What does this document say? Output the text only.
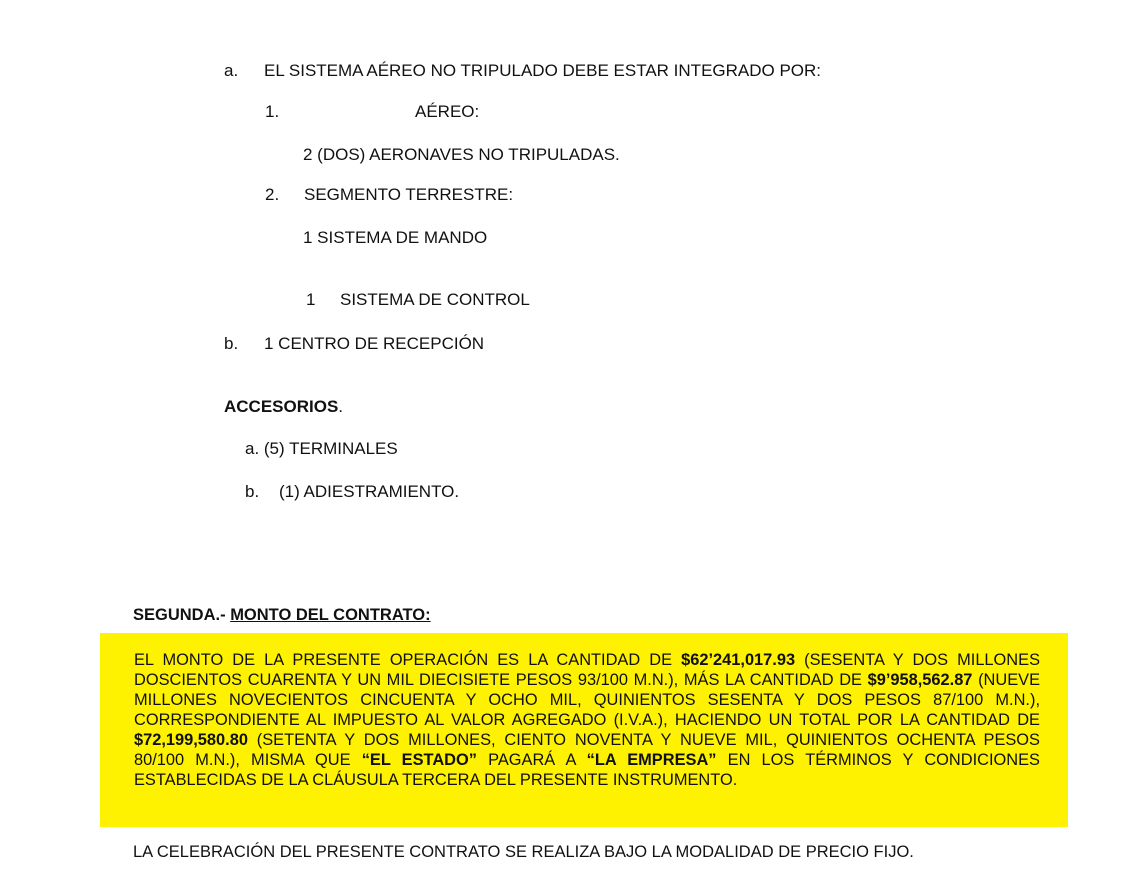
a. EL SISTEMA AÉREO NO TRIPULADO DEBE ESTAR INTEGRADO POR:
1.	AÉREO:
2 (DOS) AERONAVES NO TRIPULADAS.
2. SEGMENTO TERRESTRE:
1 SISTEMA DE MANDO
1 SISTEMA DE CONTROL
b. 1 CENTRO DE RECEPCIÓN
ACCESORIOS.
a. (5) TERMINALES
b. (1) ADIESTRAMIENTO.
SEGUNDA.- MONTO DEL CONTRATO:
EL MONTO DE LA PRESENTE OPERACIÓN ES LA CANTIDAD DE $62’241,017.93 (SESENTA Y DOS MILLONES DOSCIENTOS CUARENTA Y UN MIL DIECISIETE PESOS 93/100 M.N.), MÁS LA CANTIDAD DE $9’958,562.87 (NUEVE MILLONES NOVECIENTOS CINCUENTA Y OCHO MIL, QUINIENTOS SESENTA Y DOS PESOS 87/100 M.N.), CORRESPONDIENTE AL IMPUESTO AL VALOR AGREGADO (I.V.A.), HACIENDO UN TOTAL POR LA CANTIDAD DE $72,199,580.80 (SETENTA Y DOS MILLONES, CIENTO NOVENTA Y NUEVE MIL, QUINIENTOS OCHENTA PESOS 80/100 M.N.), MISMA QUE “EL ESTADO” PAGARÁ A “LA EMPRESA” EN LOS TÉRMINOS Y CONDICIONES ESTABLECIDAS DE LA CLÁUSULA TERCERA DEL PRESENTE INSTRUMENTO.
LA CELEBRACIÓN DEL PRESENTE CONTRATO SE REALIZA BAJO LA MODALIDAD DE PRECIO FIJO.
